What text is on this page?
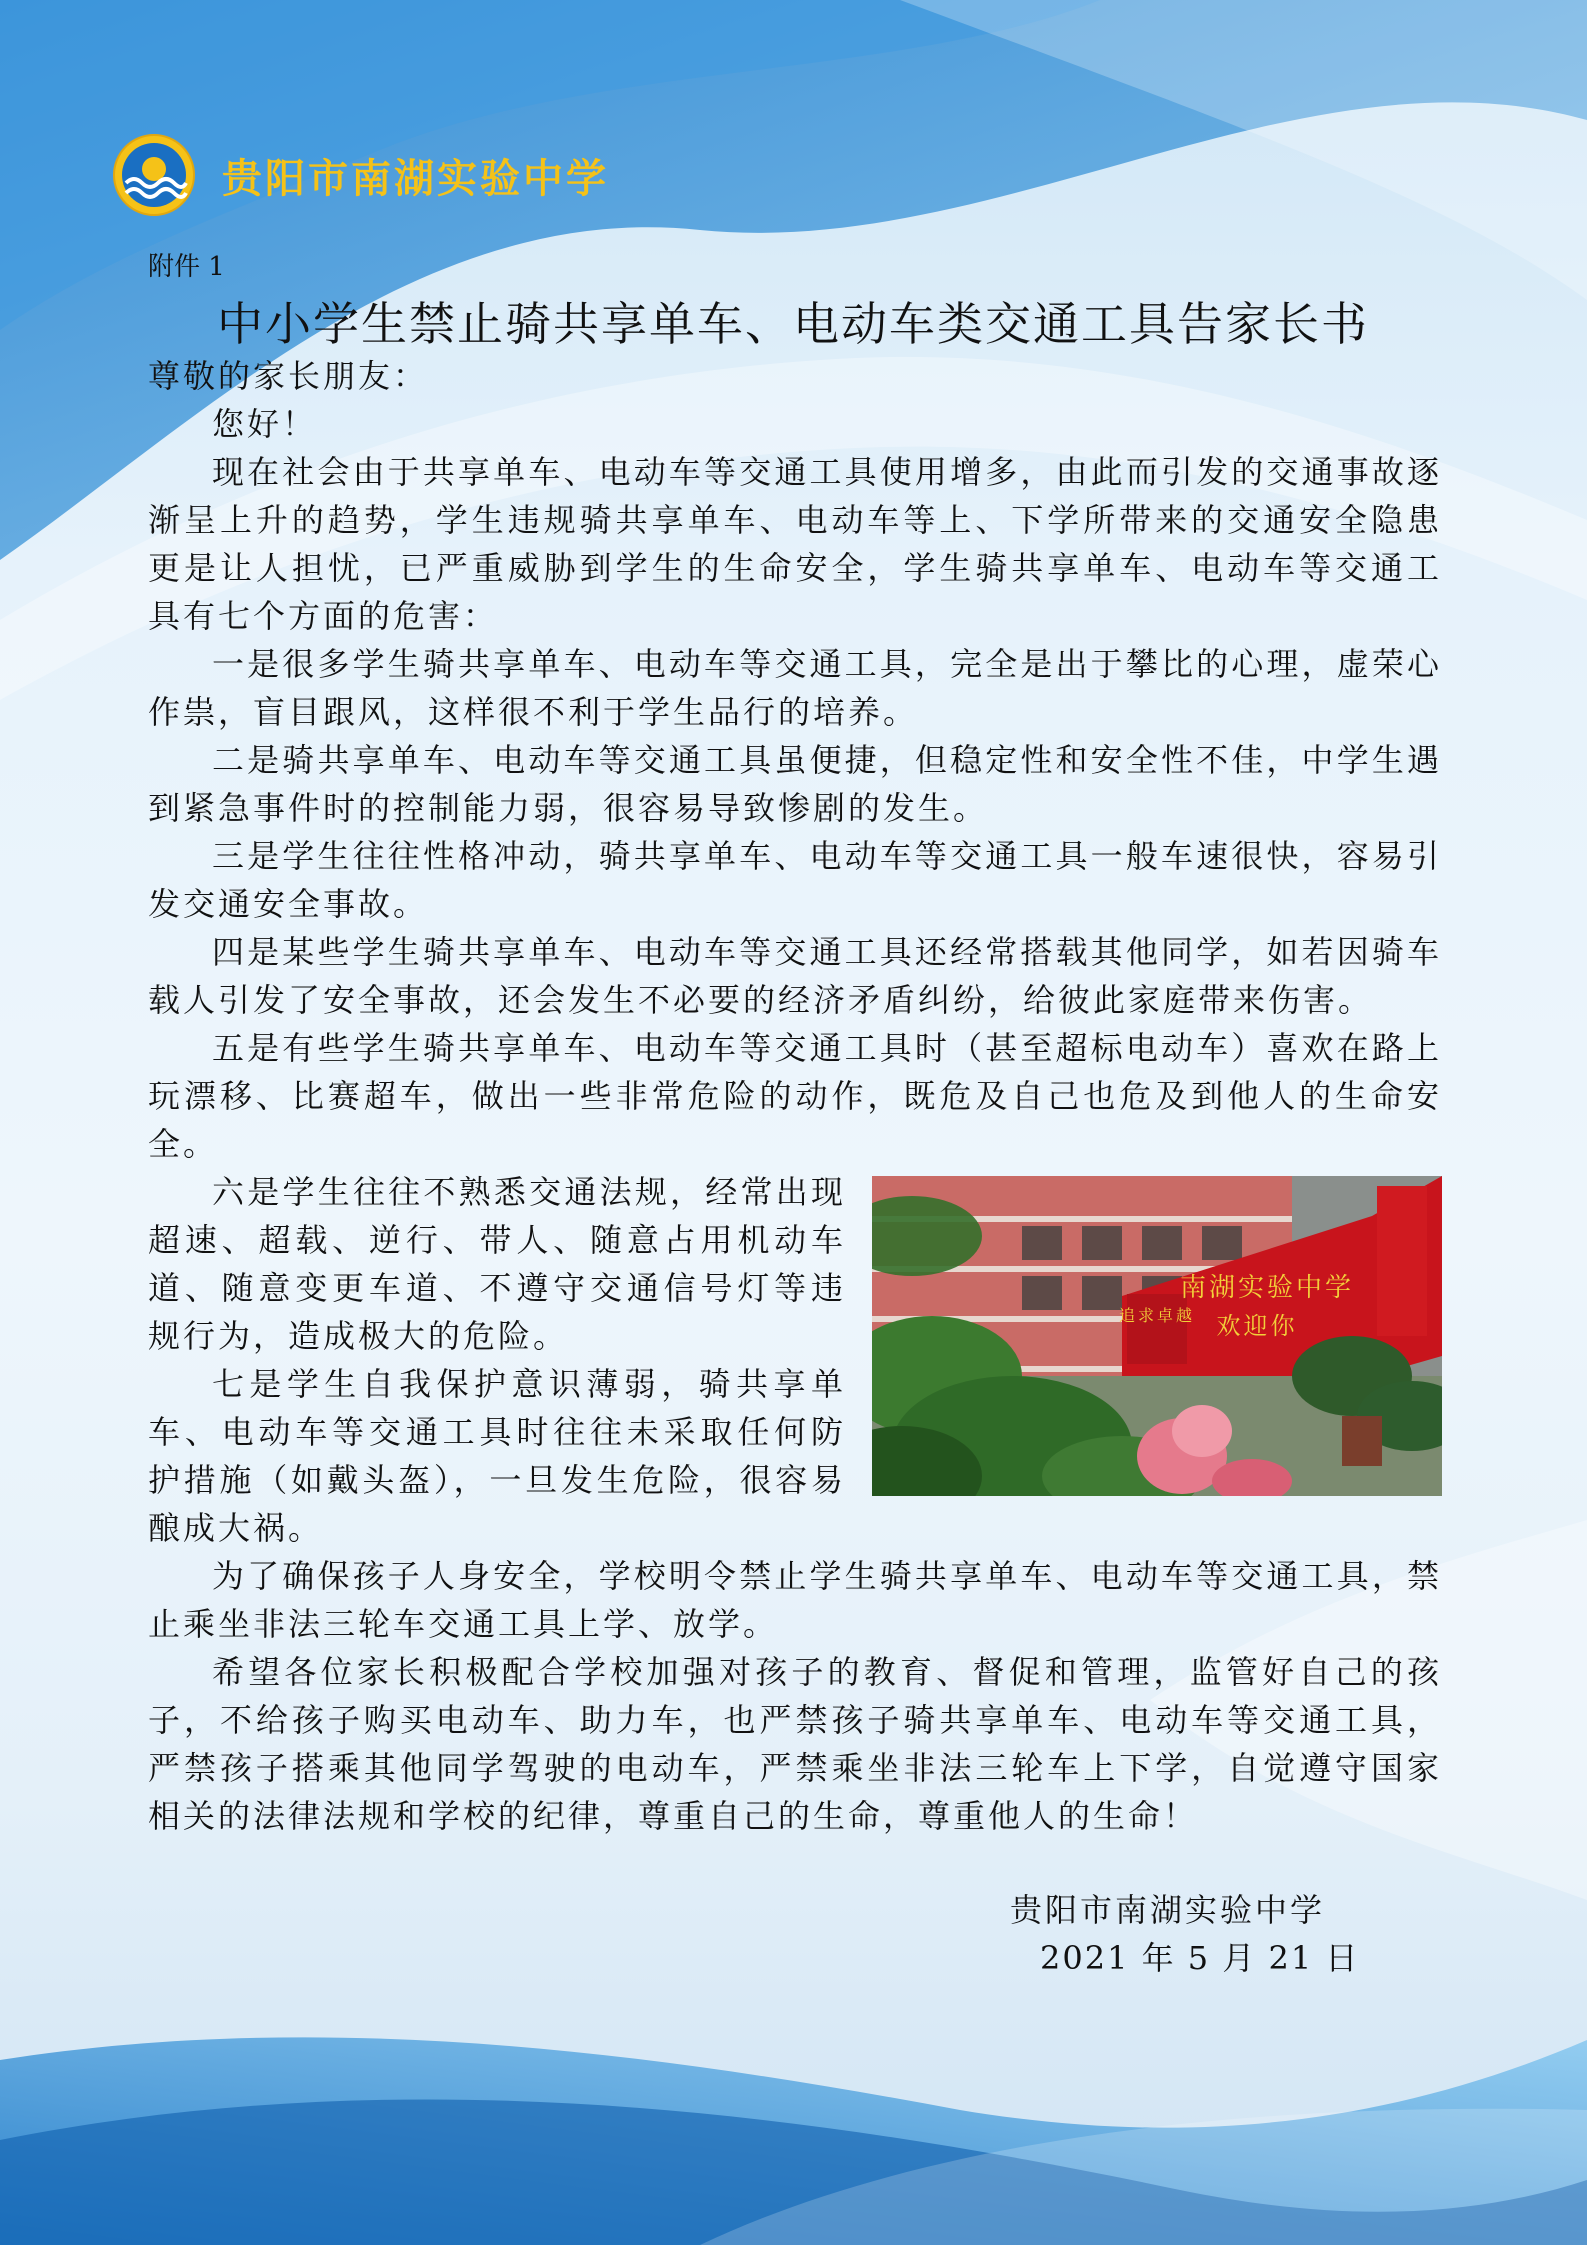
贵阳市南湖实验中学
附件 1
中小学生禁止骑共享单车、电动车类交通工具告家长书

尊敬的家长朋友：

您好！

现在社会由于共享单车、电动车等交通工具使用增多，由此而引发的交通事故逐渐呈上升的趋势，学生违规骑共享单车、电动车等上、下学所带来的交通安全隐患更是让人担忧，已严重威胁到学生的生命安全，学生骑共享单车、电动车等交通工具有七个方面的危害：

一是很多学生骑共享单车、电动车等交通工具，完全是出于攀比的心理，虚荣心作祟，盲目跟风，这样很不利于学生品行的培养。

二是骑共享单车、电动车等交通工具虽便捷，但稳定性和安全性不佳，中学生遇到紧急事件时的控制能力弱，很容易导致惨剧的发生。

三是学生往往性格冲动，骑共享单车、电动车等交通工具一般车速很快，容易引发交通安全事故。

四是某些学生骑共享单车、电动车等交通工具还经常搭载其他同学，如若因骑车载人引发了安全事故，还会发生不必要的经济矛盾纠纷，给彼此家庭带来伤害。

五是有些学生骑共享单车、电动车等交通工具时（甚至超标电动车）喜欢在路上玩漂移、比赛超车，做出一些非常危险的动作，既危及自己也危及到他人的生命安全。

追求卓越
南湖实验中学
欢迎你

六是学生往往不熟悉交通法规，经常出现超速、超载、逆行、带人、随意占用机动车道、随意变更车道、不遵守交通信号灯等违规行为，造成极大的危险。

七是学生自我保护意识薄弱，骑共享单车、电动车等交通工具时往往未采取任何防护措施（如戴头盔），一旦发生危险，很容易酿成大祸。

为了确保孩子人身安全，学校明令禁止学生骑共享单车、电动车等交通工具，禁止乘坐非法三轮车交通工具上学、放学。

希望各位家长积极配合学校加强对孩子的教育、督促和管理，监管好自己的孩子，不给孩子购买电动车、助力车，也严禁孩子骑共享单车、电动车等交通工具，严禁孩子搭乘其他同学驾驶的电动车，严禁乘坐非法三轮车上下学，自觉遵守国家相关的法律法规和学校的纪律，尊重自己的生命，尊重他人的生命！

贵阳市南湖实验中学
2021 年 5 月 21 日
